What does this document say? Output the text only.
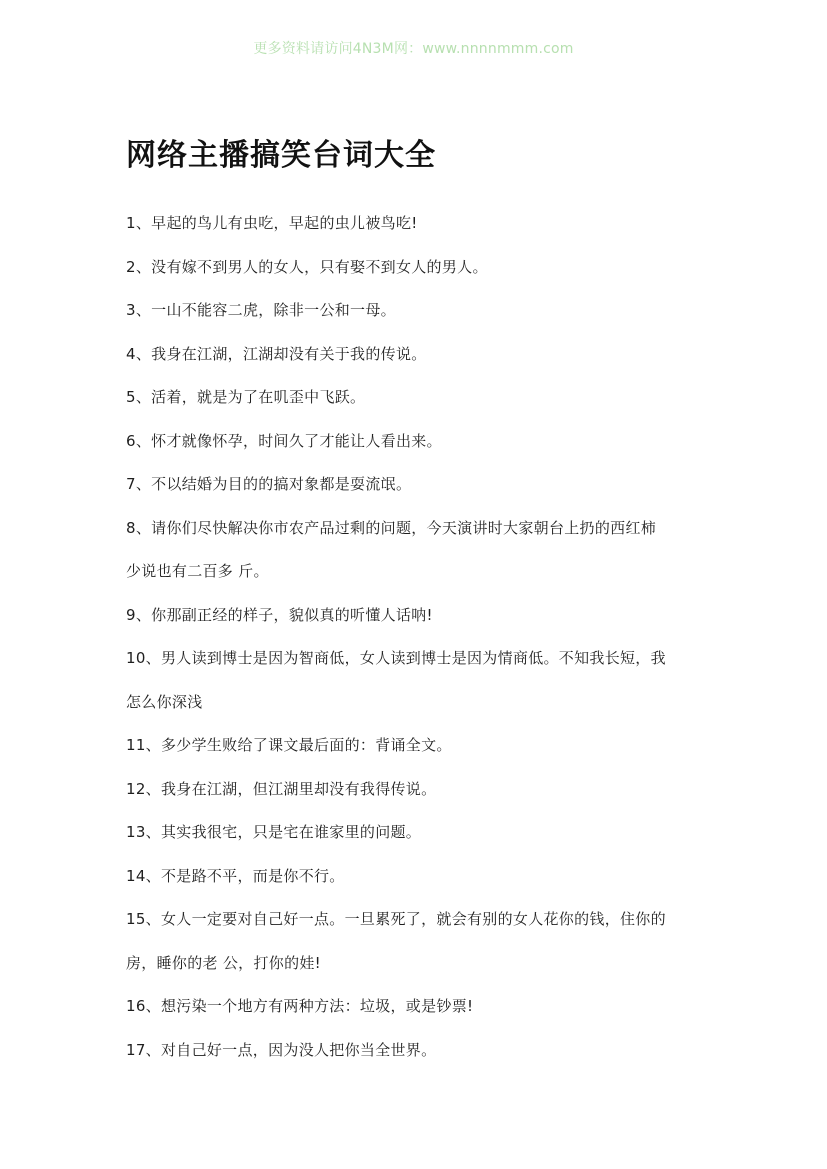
更多资料请访问4N3M网：www.nnnnmmm.com
网络主播搞笑台词大全

1、早起的鸟儿有虫吃，早起的虫儿被鸟吃!

2、没有嫁不到男人的女人，只有娶不到女人的男人。

3、一山不能容二虎，除非一公和一母。

4、我身在江湖，江湖却没有关于我的传说。

5、活着，就是为了在叽歪中飞跃。

6、怀才就像怀孕，时间久了才能让人看出来。

7、不以结婚为目的的搞对象都是耍流氓。

8、请你们尽快解决你市农产品过剩的问题，今天演讲时大家朝台上扔的西红柿

少说也有二百多 斤。

9、你那副正经的样子，貌似真的听懂人话呐!

10、男人读到博士是因为智商低，女人读到博士是因为情商低。不知我长短，我

怎么你深浅

11、多少学生败给了课文最后面的：背诵全文。

12、我身在江湖，但江湖里却没有我得传说。

13、其实我很宅，只是宅在谁家里的问题。

14、不是路不平，而是你不行。

15、女人一定要对自己好一点。一旦累死了，就会有别的女人花你的钱，住你的

房，睡你的老 公，打你的娃!

16、想污染一个地方有两种方法：垃圾，或是钞票!

17、对自己好一点，因为没人把你当全世界。
